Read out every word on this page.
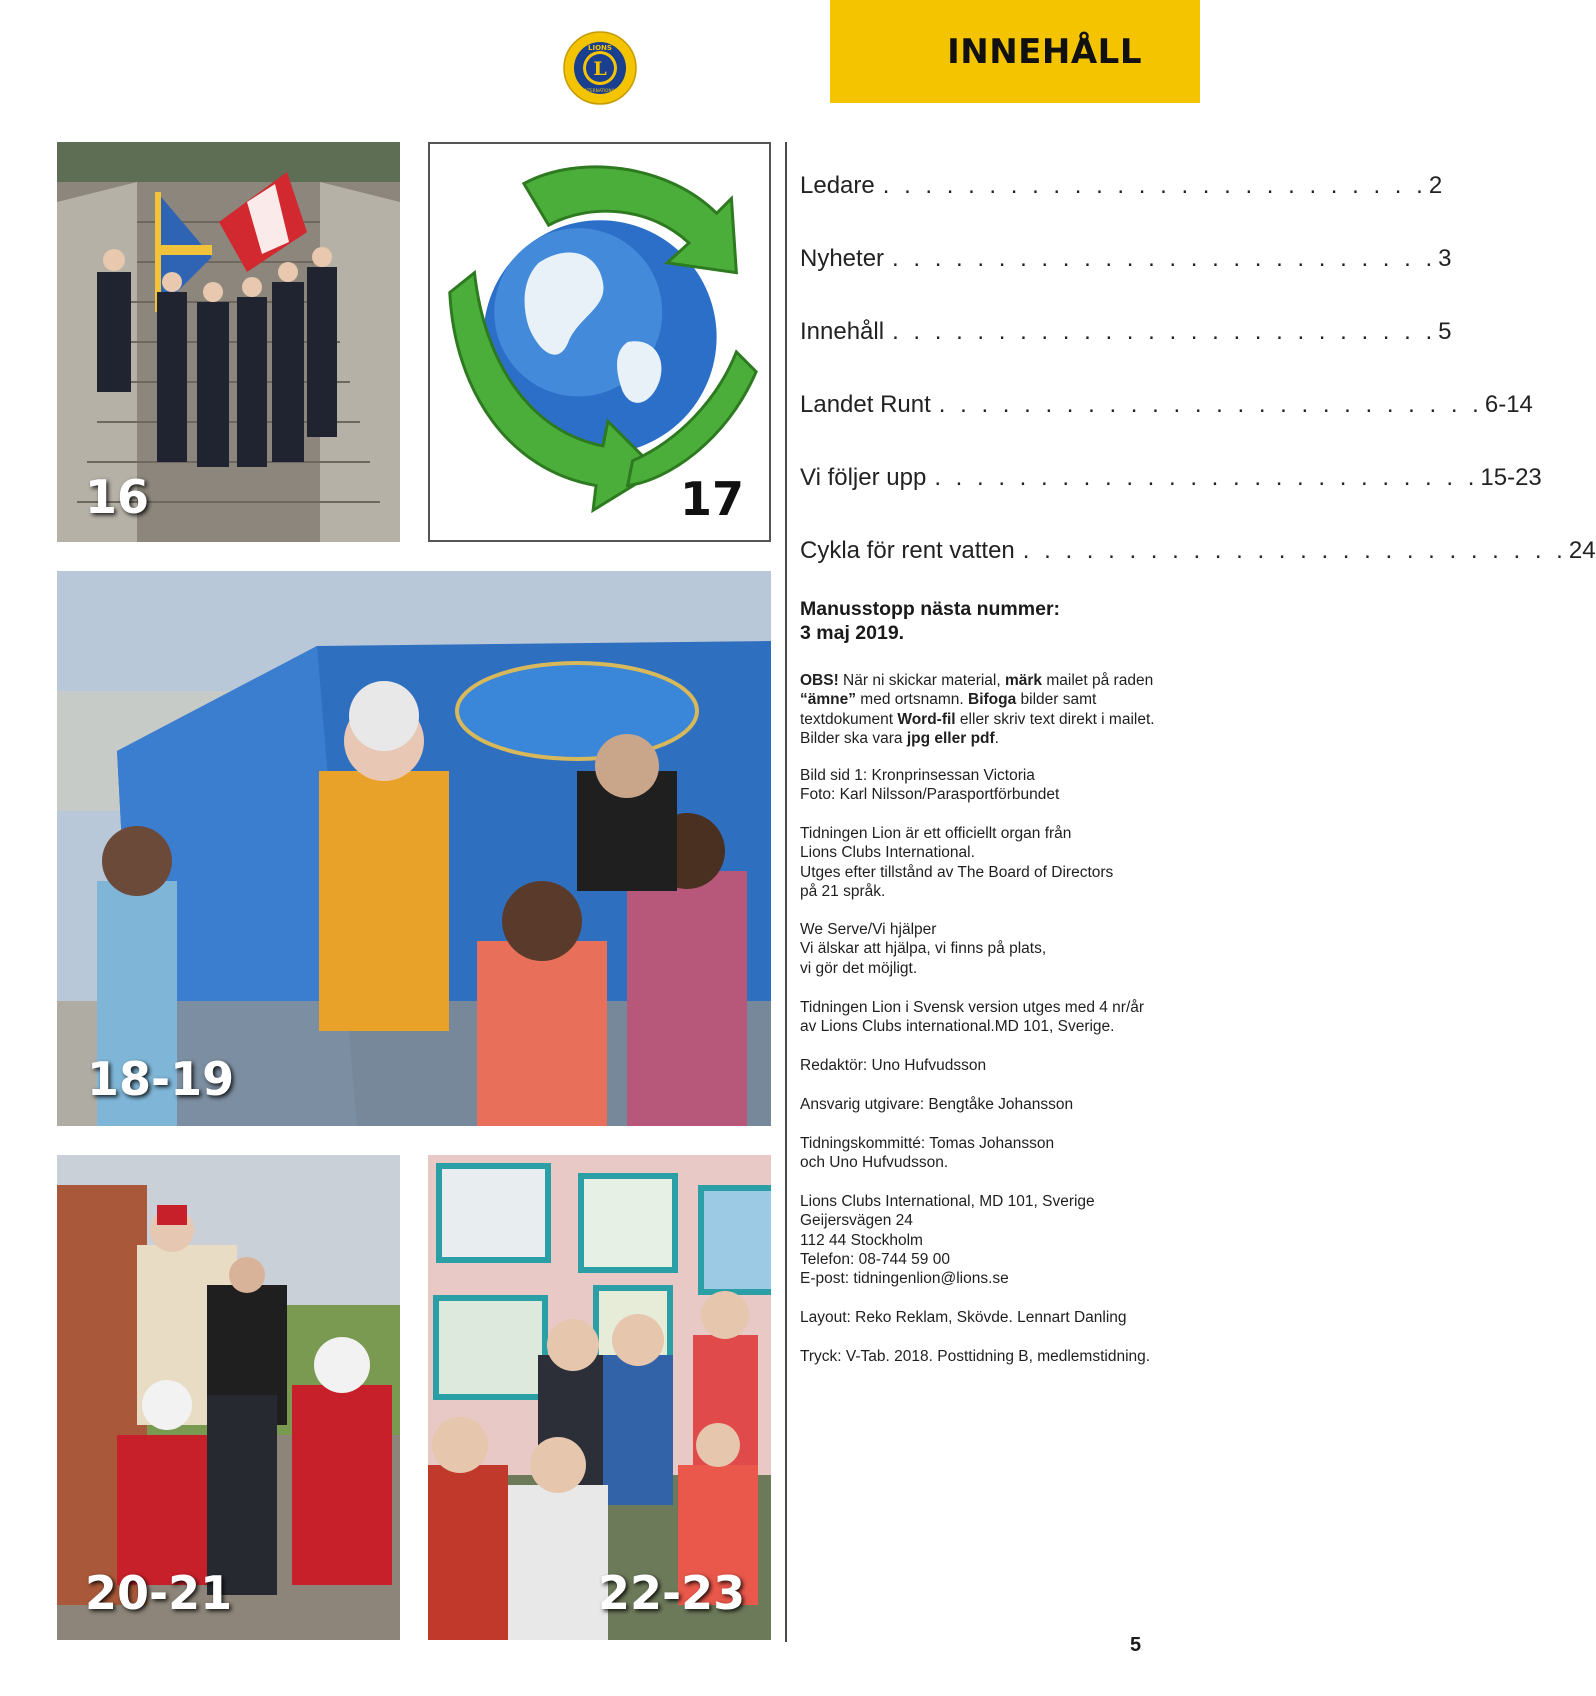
INNEHÅLL
L
LIONS
INTERNATIONAL
16	17
18-19
20-21	22-23
Ledare . . . . . . . . . . . . . . . . . . . . . . . . . . 2
Nyheter . . . . . . . . . . . . . . . . . . . . . . . . . . 3
Innehåll . . . . . . . . . . . . . . . . . . . . . . . . . . 5
Landet Runt . . . . . . . . . . . . . . . . . . . . . . . . . . 6-14
Vi följer upp . . . . . . . . . . . . . . . . . . . . . . . . . . 15-23
Cykla för rent vatten . . . . . . . . . . . . . . . . . . . . . . . . . . 24
Manusstopp nästa nummer:
3 maj 2019.

OBS! När ni skickar material, märk mailet på raden “ämne” med ortsnamn. Bifoga bilder samt textdokument Word-fil eller skriv text direkt i mailet. Bilder ska vara jpg eller pdf.

Bild sid 1: Kronprinsessan Victoria

Foto: Karl Nilsson/Parasportförbundet

Tidningen Lion är ett officiellt organ från

Lions Clubs International.

Utges efter tillstånd av The Board of Directors

på 21 språk.

We Serve/Vi hjälper

Vi älskar att hjälpa, vi finns på plats,

vi gör det möjligt.

Tidningen Lion i Svensk version utges med 4 nr/år

av Lions Clubs international.MD 101, Sverige.

Redaktör: Uno Hufvudsson

Ansvarig utgivare: Bengtåke Johansson

Tidningskommitté: Tomas Johansson

och Uno Hufvudsson.

Lions Clubs International, MD 101, Sverige

Geijersvägen 24

112 44 Stockholm

Telefon: 08-744 59 00

E-post: tidningenlion@lions.se

Layout: Reko Reklam, Skövde. Lennart Danling

Tryck: V-Tab. 2018. Posttidning B, medlemstidning.

5
